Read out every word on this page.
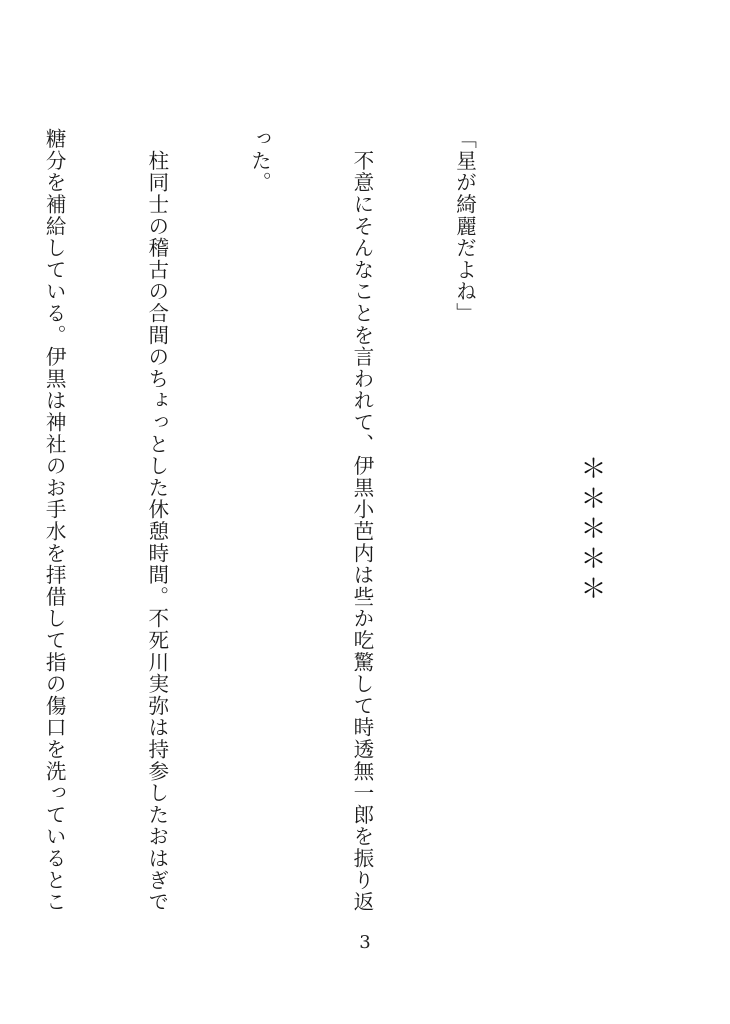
＊＊＊＊＊

「星が綺麗だよね」

　不意にそんなことを言われて、伊黒小芭内は些か吃驚して時透無一郎を振り返

った。

　柱同士の稽古の合間のちょっとした休憩時間。不死川実弥は持参したおはぎで

糖分を補給している。伊黒は神社のお手水を拝借して指の傷口を洗っているとこ

3
